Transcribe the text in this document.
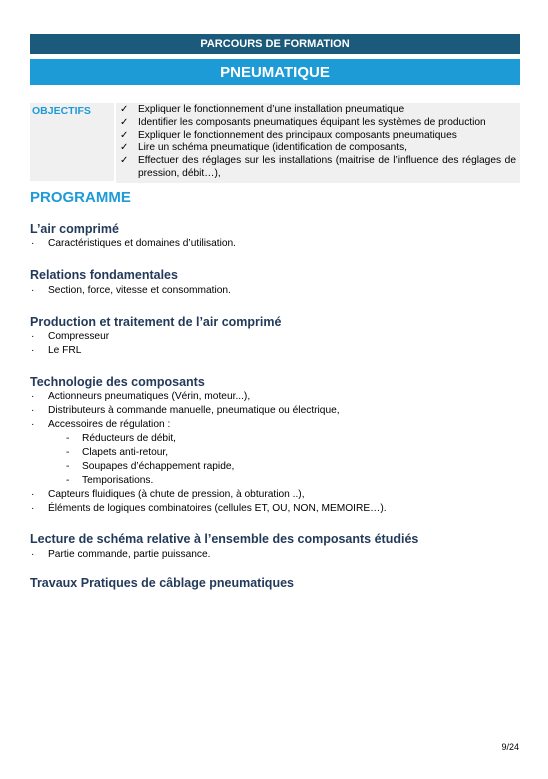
PARCOURS DE FORMATION
PNEUMATIQUE
OBJECTIFS	✓ Expliquer le fonctionnement d’une installation pneumatique
✓ Identifier les composants pneumatiques équipant les systèmes de production
✓ Expliquer le fonctionnement des principaux composants pneumatiques
✓ Lire un schéma pneumatique (identification de composants,
✓ Effectuer des réglages sur les installations (maitrise de l’influence des réglages de pression, débit…),
PROGRAMME
L’air comprimé
·	Caractéristiques et domaines d’utilisation.
Relations fondamentales
·	Section, force, vitesse et consommation.
Production et traitement de l’air comprimé
·	Compresseur
·	Le FRL
Technologie des composants
·	Actionneurs pneumatiques (Vérin, moteur...),
·	Distributeurs à commande manuelle, pneumatique ou électrique,
·	Accessoires de régulation :
-	Réducteurs de débit,
-	Clapets anti-retour,
-	Soupapes d’échappement rapide,
-	Temporisations.
·	Capteurs fluidiques (à chute de pression, à obturation ..),
·	Éléments de logiques combinatoires (cellules ET, OU, NON, MEMOIRE…).
Lecture de schéma relative à l’ensemble des composants étudiés
·	Partie commande, partie puissance.
Travaux Pratiques de câblage pneumatiques
9/24
